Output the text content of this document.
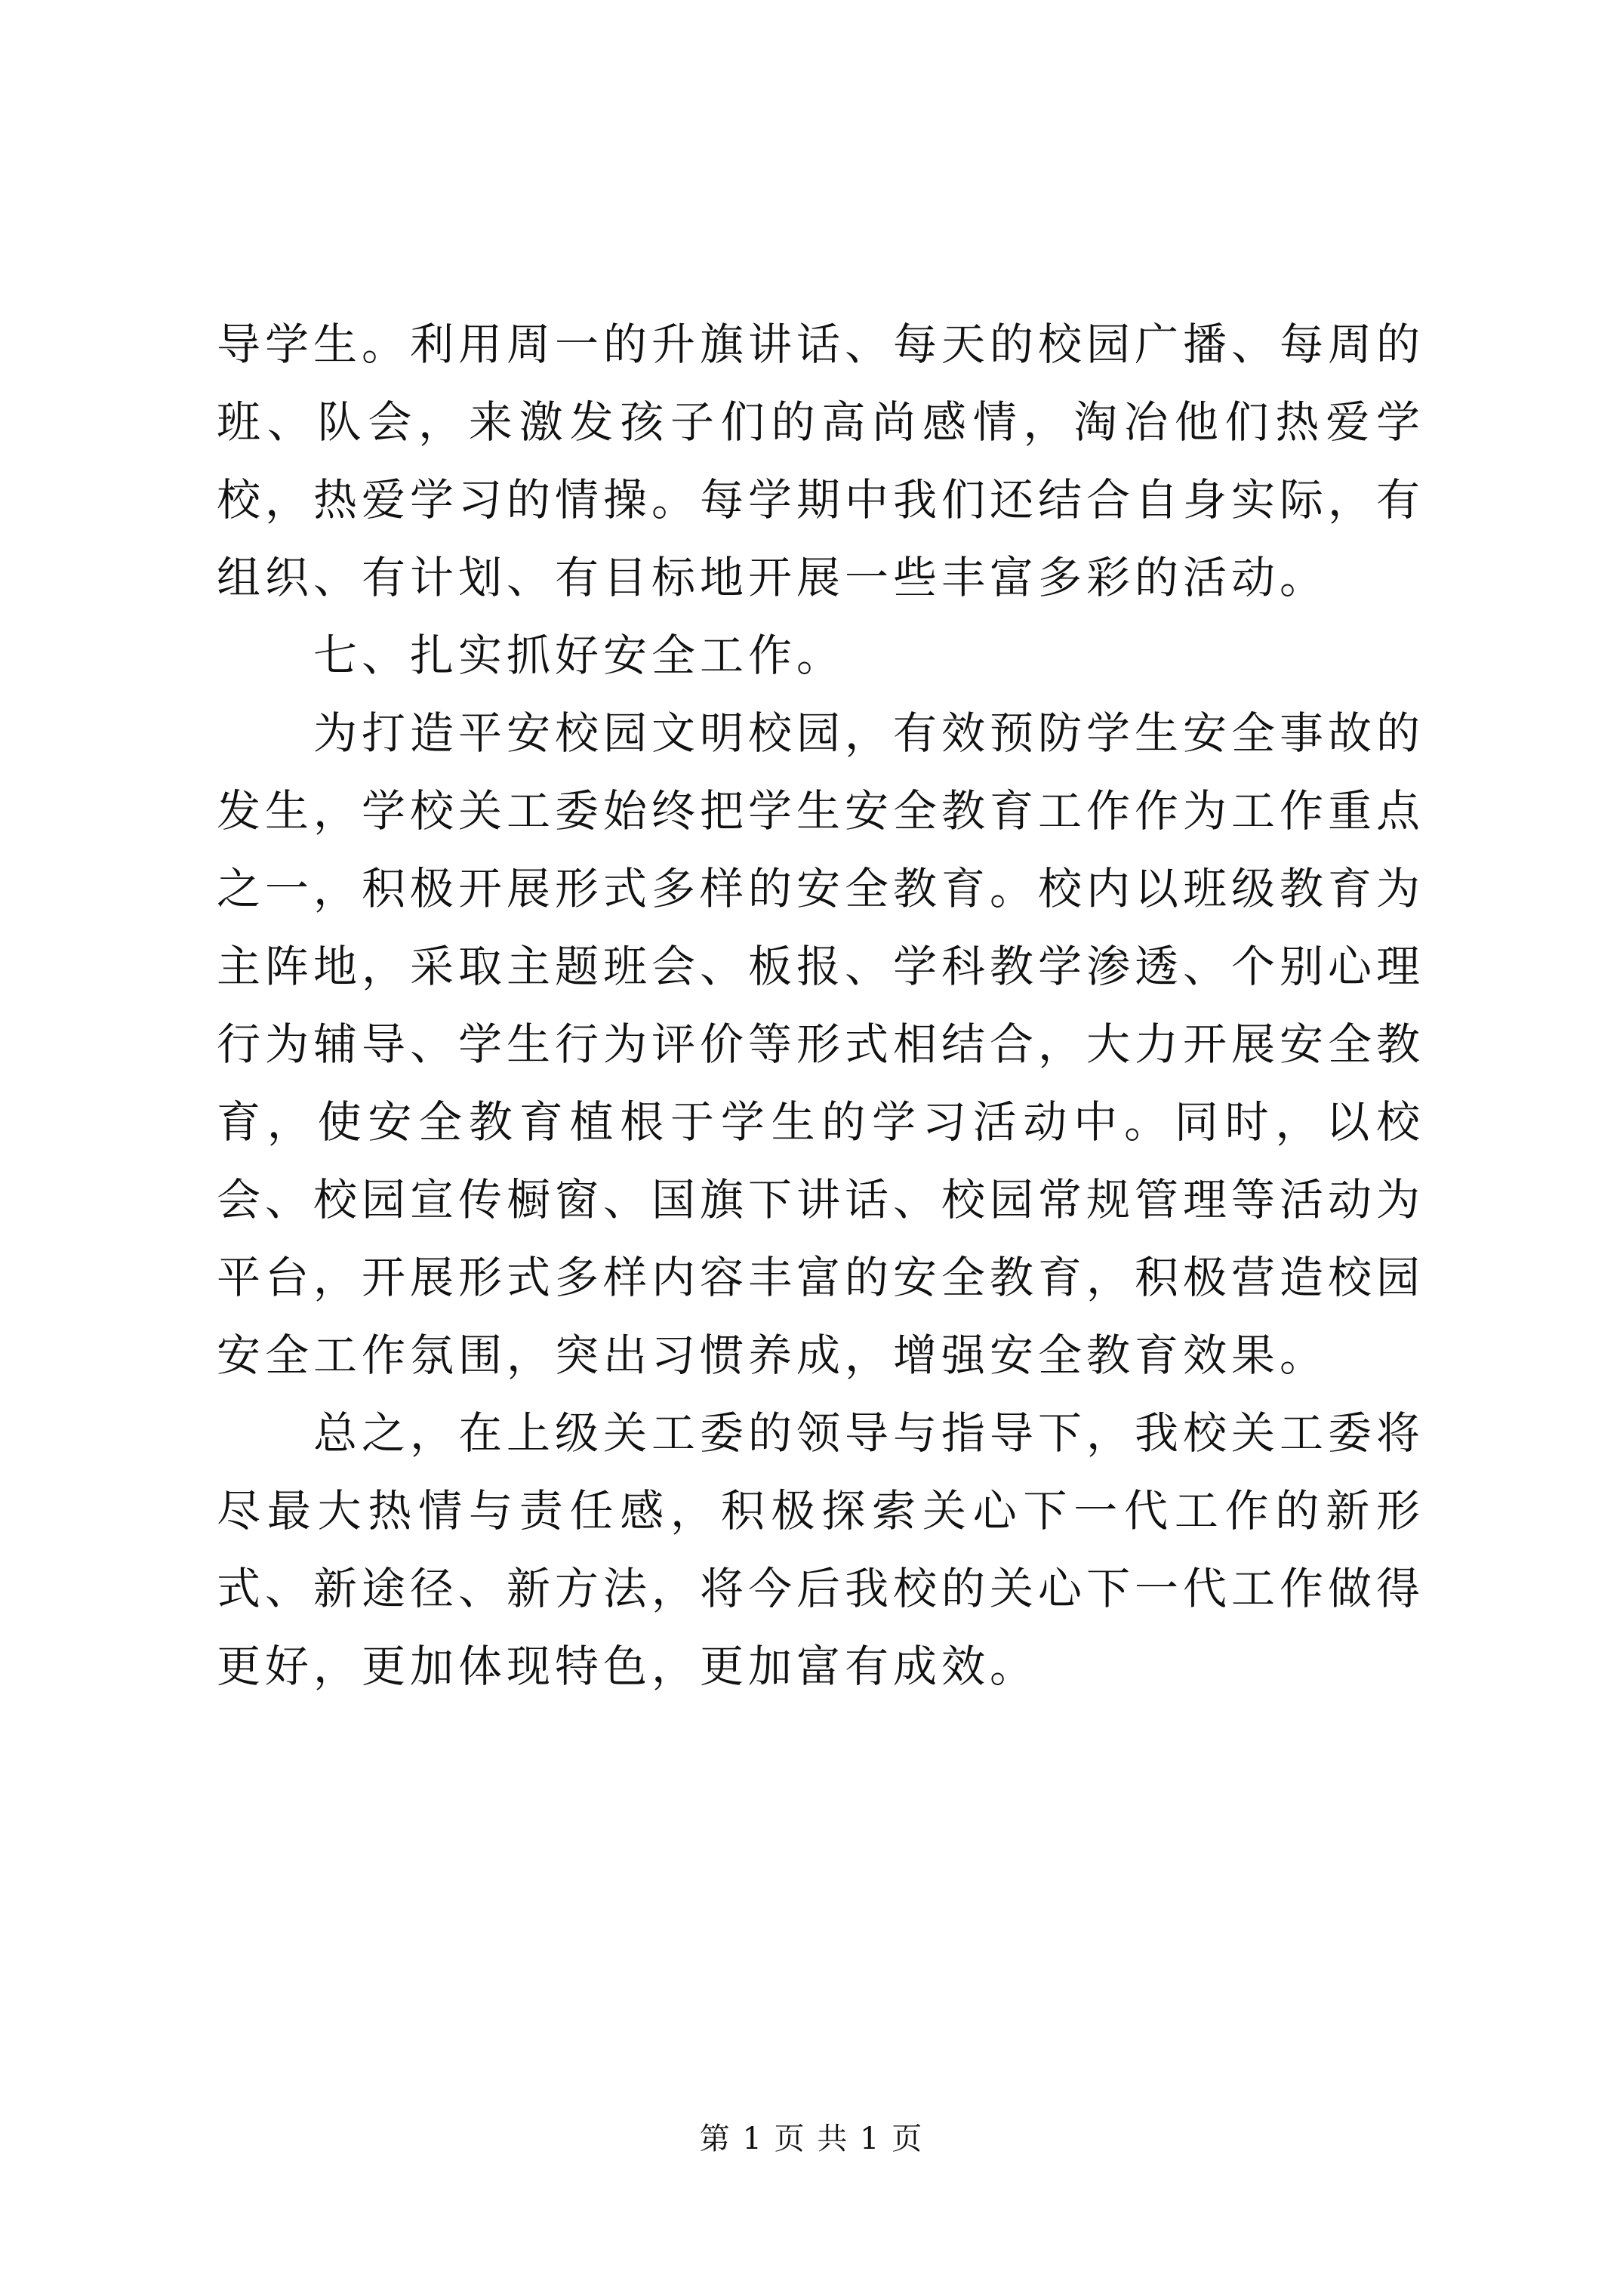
导学生。利用周一的升旗讲话、每天的校园广播、每周的班、队会，来激发孩子们的高尚感情，淘冶他们热爱学校，热爱学习的情操。每学期中我们还结合自身实际，有组织、有计划、有目标地开展一些丰富多彩的活动。

七、扎实抓好安全工作。

为打造平安校园文明校园，有效预防学生安全事故的发生，学校关工委始终把学生安全教育工作作为工作重点之一，积极开展形式多样的安全教育。校内以班级教育为主阵地，采取主题班会、板报、学科教学渗透、个别心理行为辅导、学生行为评价等形式相结合，大力开展安全教育，使安全教育植根于学生的学习活动中。同时，以校会、校园宣传橱窗、国旗下讲话、校园常规管理等活动为平台，开展形式多样内容丰富的安全教育，积极营造校园安全工作氛围，突出习惯养成，增强安全教育效果。

总之，在上级关工委的领导与指导下，我校关工委将尽最大热情与责任感，积极探索关心下一代工作的新形式、新途径、新方法，将今后我校的关心下一代工作做得更好，更加体现特色，更加富有成效。

第 1 页 共 1 页
